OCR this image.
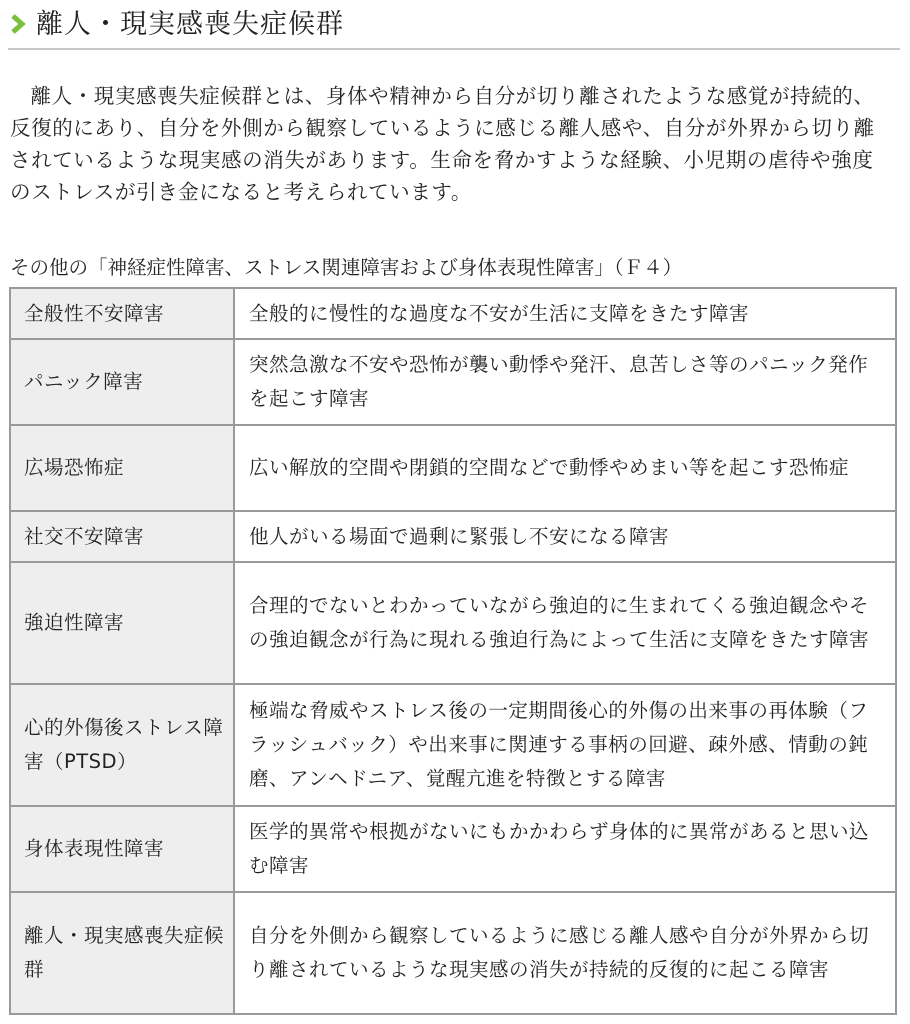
離人・現実感喪失症候群

離人・現実感喪失症候群とは、身体や精神から自分が切り離されたような感覚が持続的、反復的にあり、自分を外側から観察しているように感じる離人感や、自分が外界から切り離されているような現実感の消失があります。生命を脅かすような経験、小児期の虐待や強度のストレスが引き金になると考えられています。

その他の「神経症性障害、ストレス関連障害および身体表現性障害」（Ｆ４）

全般性不安障害	全般的に慢性的な過度な不安が生活に支障をきたす障害
パニック障害	突然急激な不安や恐怖が襲い動悸や発汗、息苦しさ等のパニック発作を起こす障害
広場恐怖症	広い解放的空間や閉鎖的空間などで動悸やめまい等を起こす恐怖症
社交不安障害	他人がいる場面で過剰に緊張し不安になる障害
強迫性障害	合理的でないとわかっていながら強迫的に生まれてくる強迫観念やその強迫観念が行為に現れる強迫行為によって生活に支障をきたす障害
心的外傷後ストレス障害（PTSD）	極端な脅威やストレス後の一定期間後心的外傷の出来事の再体験（フラッシュバック）や出来事に関連する事柄の回避、疎外感、情動の鈍磨、アンヘドニア、覚醒亢進を特徴とする障害
身体表現性障害	医学的異常や根拠がないにもかかわらず身体的に異常があると思い込む障害
離人・現実感喪失症候群	自分を外側から観察しているように感じる離人感や自分が外界から切り離されているような現実感の消失が持続的反復的に起こる障害
